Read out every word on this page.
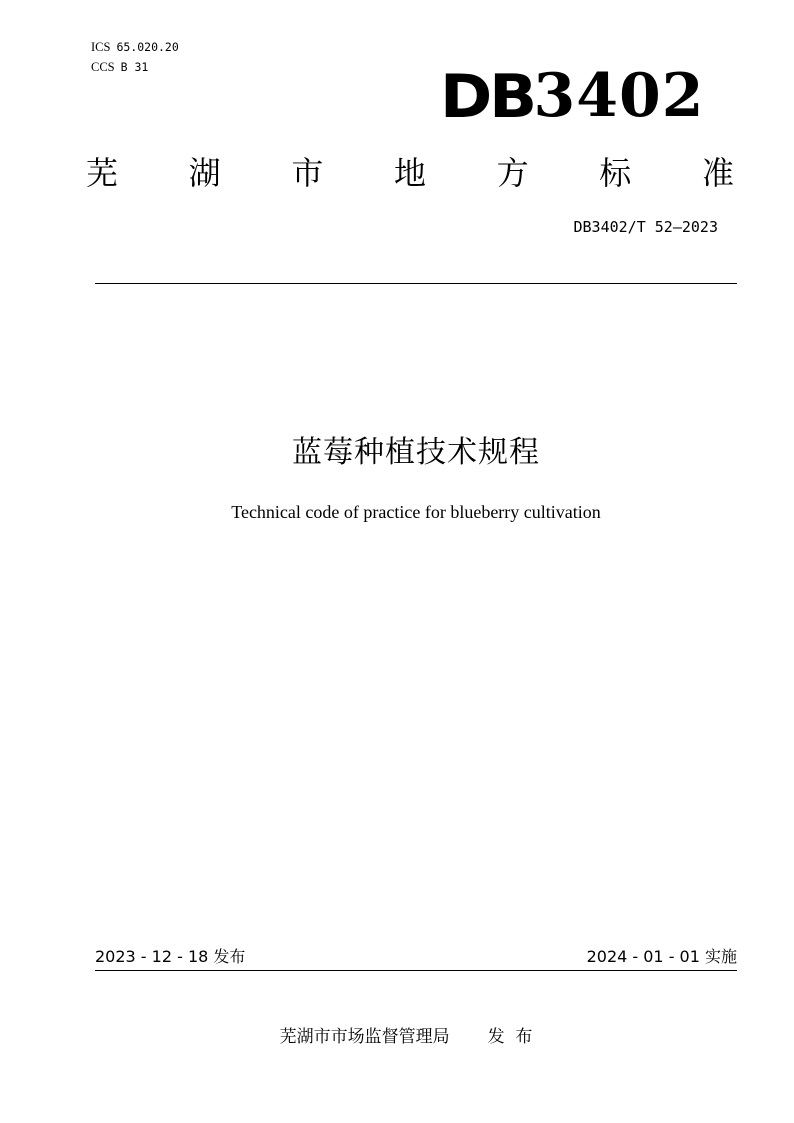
ICS 65.020.20
CCS B 31	DB 3402
芜 湖 市 地 方 标 准
DB3402/T 52—2023
蓝莓种植技术规程
Technical code of practice for blueberry cultivation
2023 - 12 - 18 发布	2024 - 01 - 01 实施
芜湖市市场监督管理局 发  布
